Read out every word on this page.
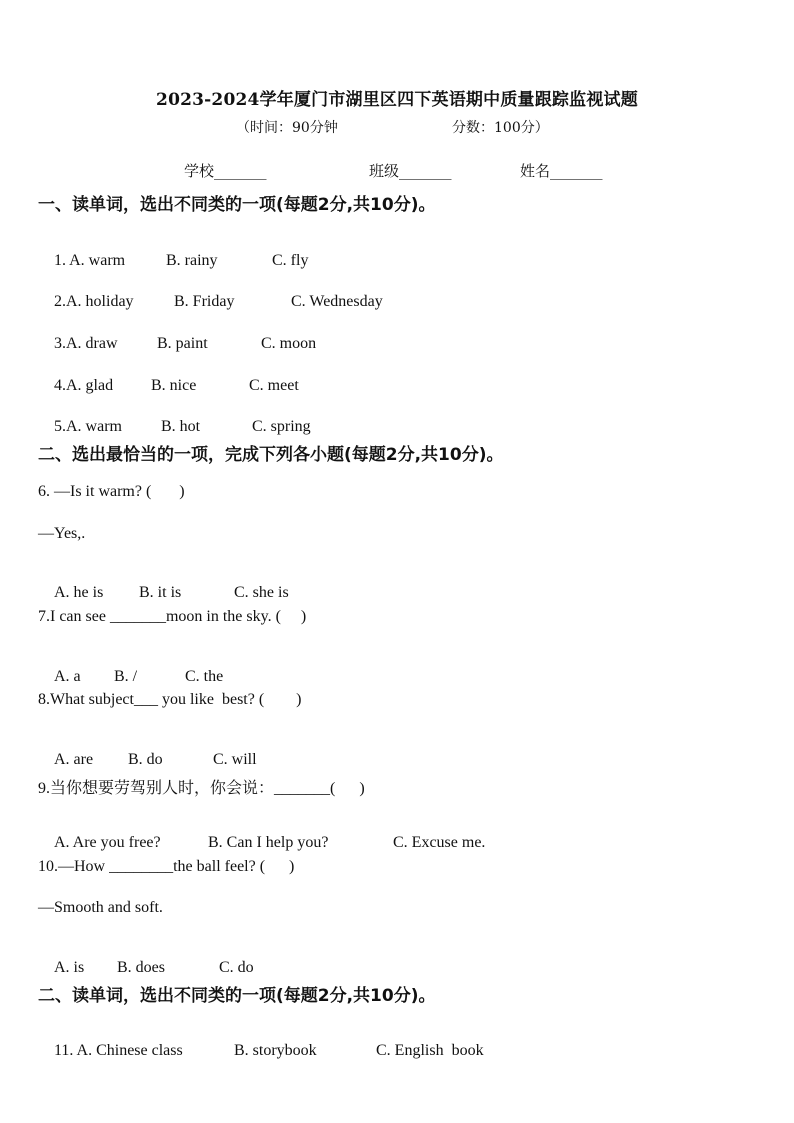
2023-2024学年厦门市湖里区四下英语期中质量跟踪监视试题
（时间：90分钟	分数：100分）
学校_______	班级_______	姓名_______
一、读单词，选出不同类的一项(每题2分,共10分)。

1. A. warm	B. rainy	C. fly

2.A. holiday	B. Friday	C. Wednesday

3.A. draw B. paint	C. moon

4.A. glad B. nice	C. meet

5.A. warm B. hot	C. spring

二、选出最恰当的一项，完成下列各小题(每题2分,共10分)。
6. —Is it warm? (       )
—Yes,.

A. he is B. it is	C. she is

7.I can see _______moon in the sky. (     )

A. a B. /	C. the

8.What subject___ you like  best? (        )

A. are B. do	C. will

9.当你想要劳驾别人时，你会说：_______(      )

A. Are you free?	B. Can I help you?	C. Excuse me.

10.—How ________the ball feel? (      )
—Smooth and soft.

A. is B. does	C. do

二、读单词，选出不同类的一项(每题2分,共10分)。

11. A. Chinese class	B. storybook	C. English  book
